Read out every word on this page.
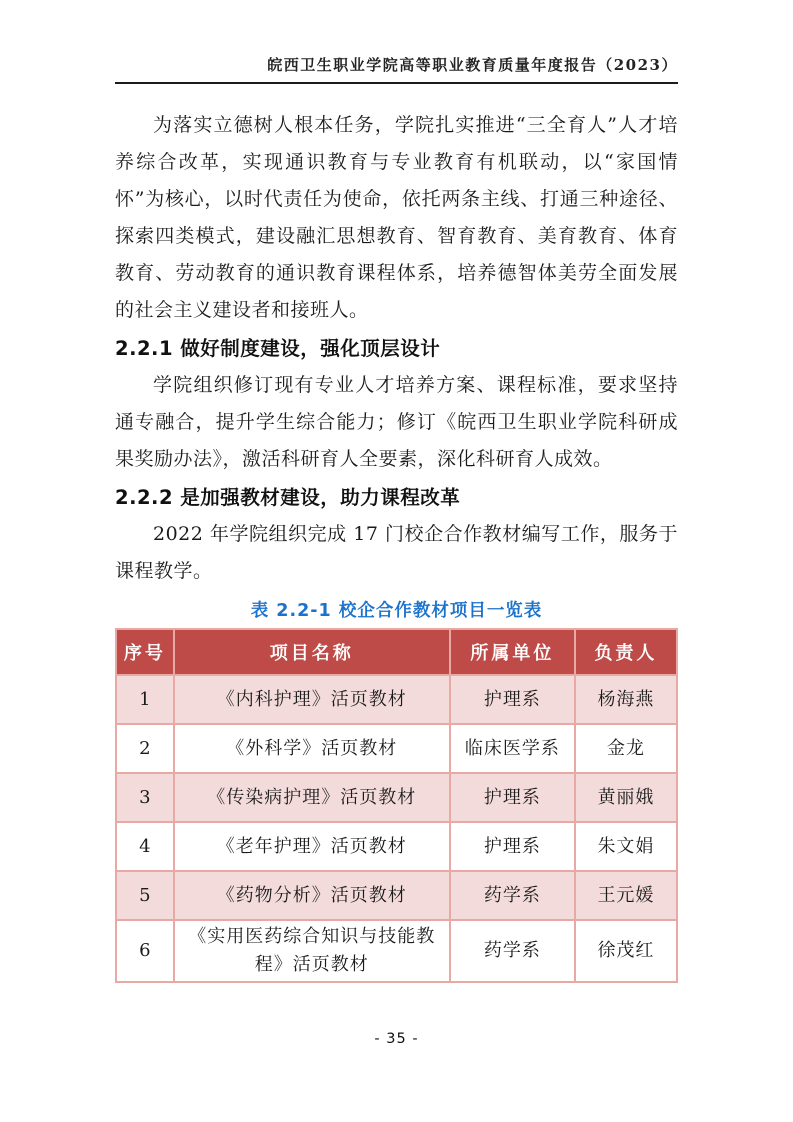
皖西卫生职业学院高等职业教育质量年度报告（2023）

为落实立德树人根本任务，学院扎实推进“三全育人”人才培养综合改革，实现通识教育与专业教育有机联动，以“家国情怀”为核心，以时代责任为使命，依托两条主线、打通三种途径、探索四类模式，建设融汇思想教育、智育教育、美育教育、体育教育、劳动教育的通识教育课程体系，培养德智体美劳全面发展的社会主义建设者和接班人。

2.2.1 做好制度建设，强化顶层设计

学院组织修订现有专业人才培养方案、课程标准，要求坚持通专融合，提升学生综合能力；修订《皖西卫生职业学院科研成果奖励办法》，激活科研育人全要素，深化科研育人成效。

2.2.2 是加强教材建设，助力课程改革

2022 年学院组织完成 17 门校企合作教材编写工作，服务于课程教学。

表 2.2-1 校企合作教材项目一览表
序号	项目名称	所属单位	负责人
1	《内科护理》活页教材	护理系	杨海燕
2	《外科学》活页教材	临床医学系	金龙
3	《传染病护理》活页教材	护理系	黄丽娥
4	《老年护理》活页教材	护理系	朱文娟
5	《药物分析》活页教材	药学系	王元媛
6	《实用医药综合知识与技能教程》活页教材	药学系	徐茂红
- 35 -
